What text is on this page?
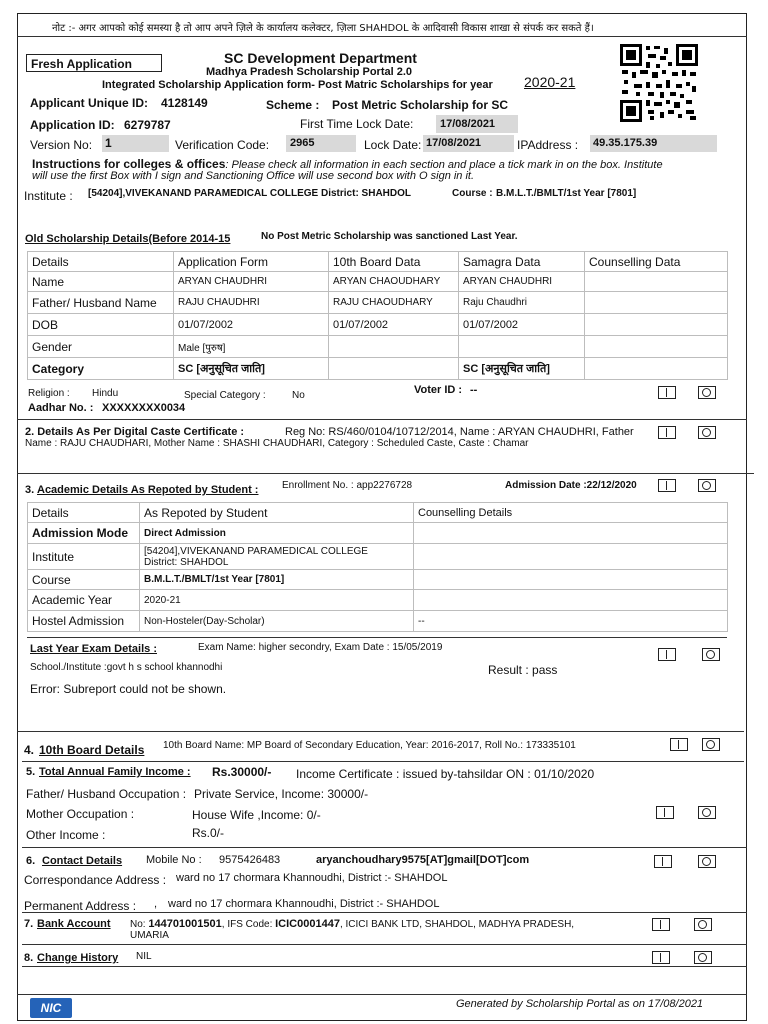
नोट :- अगर आपको कोई समस्या है तो आप अपने ज़िले के कार्यालय कलेक्टर, ज़िला SHAHDOL के आदिवासी विकास शाखा से संपर्क कर सकते हैं।
Fresh Application	SC Development Department
Madhya Pradesh Scholarship Portal 2.0
Integrated Scholarship Application form- Post Matric Scholarships for year 2020-21
Applicant Unique ID: 4128149	Scheme : Post Metric Scholarship for SC
Application ID: 6279787	First Time Lock Date:	17/08/2021
Version No: 1	Verification Code:	2965	Lock Date: 17/08/2021	IPAddress : 49.35.175.39
Instructions for colleges & offices: Please check all information in each section and place a tick mark in on the box. Institute
will use the first Box with I sign and Sanctioning Office will use second box with O sign in it.
Institute : [54204],VIVEKANAND PARAMEDICAL COLLEGE District: SHAHDOL	Course : B.M.L.T./BMLT/1st Year [7801]
Old Scholarship Details(Before 2014-15	No Post Metric Scholarship was sanctioned Last Year.
Details	Application Form	10th Board Data	Samagra Data	Counselling Data
Name	ARYAN CHAUDHRI	ARYAN CHAOUDHARY	ARYAN CHAUDHRI	
Father/ Husband Name	RAJU CHAUDHRI	RAJU CHAOUDHARY	Raju Chaudhri	
DOB	01/07/2002	01/07/2002	01/07/2002	
Gender	Male [पुरुष]			
Category	SC [अनुसूचित जाति]		SC [अनुसूचित जाति]	
Religion : Hindu	Special Category :	No	Voter ID : --
Aadhar No. : XXXXXXXX0034
2. Details As Per Digital Caste Certificate :	Reg No: RS/460/0104/10712/2014, Name : ARYAN CHAUDHRI, Father
Name : RAJU CHAUDHARI, Mother Name : SHASHI CHAUDHARI, Category : Scheduled Caste, Caste : Chamar
3. Academic Details As Repoted by Student : Enrollment No. : app2276728	Admission Date :22/12/2020
Details	As Repoted by Student	Counselling Details
Admission Mode	Direct Admission	
Institute	[54204],VIVEKANAND PARAMEDICAL COLLEGE
District: SHAHDOL	
Course	B.M.L.T./BMLT/1st Year [7801]	
Academic Year	2020-21	
Hostel Admission	Non-Hosteler(Day-Scholar)	--
Last Year Exam Details :	Exam Name: higher secondry, Exam Date : 15/05/2019
School./Institute :govt h s school khannodhi	Result : pass
Error: Subreport could not be shown.
4. 10th Board Details 10th Board Name: MP Board of Secondary Education, Year: 2016-2017, Roll No.: 173335101
5. Total Annual Family Income : Rs.30000/- Income Certificate : issued by-tahsildar ON : 01/10/2020
Father/ Husband Occupation : Private Service, Income: 30000/-
Mother Occupation :	House Wife ,Income: 0/-
Other Income :	Rs.0/-
6. Contact Details Mobile No : 9575426483	aryanchoudhary9575[AT]gmail[DOT]com
Correspondance Address : ward no 17 chormara Khannoudhi, District :- SHAHDOL
Permanent Address : , ward no 17 chormara Khannoudhi, District :- SHAHDOL
7. Bank Account No: 144701001501, IFS Code: ICIC0001447, ICICI BANK LTD, SHAHDOL, MADHYA PRADESH,
UMARIA
8. Change History NIL
NIC	Generated by Scholarship Portal as on 17/08/2021
